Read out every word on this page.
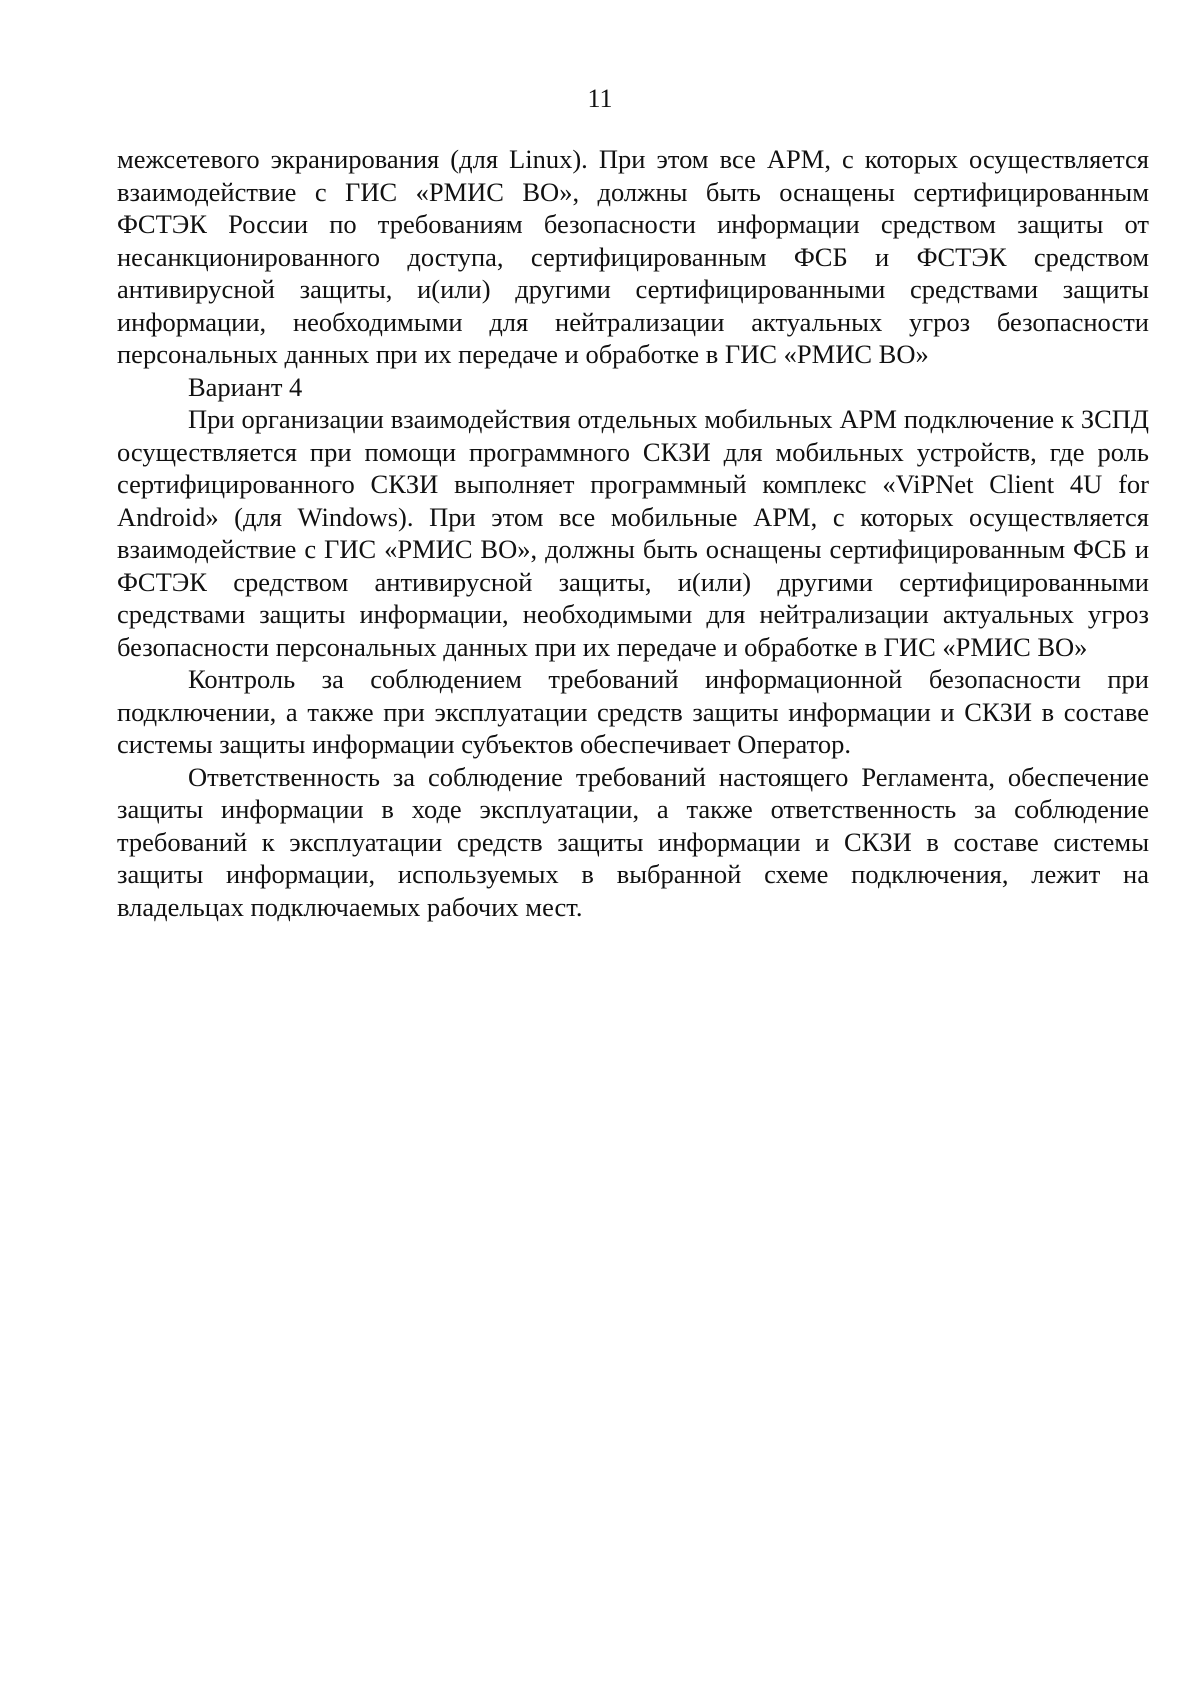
11

межсетевого экранирования (для Linux). При этом все АРМ, с которых осуществляется взаимодействие с ГИС «РМИС ВО», должны быть оснащены сертифицированным ФСТЭК России по требованиям безопасности информации средством защиты от несанкционированного доступа, сертифицированным ФСБ и ФСТЭК средством антивирусной защиты, и(или) другими сертифицированными средствами защиты информации, необходимыми для нейтрализации актуальных угроз безопасности персональных данных при их передаче и обработке в ГИС «РМИС ВО»

Вариант 4

При организации взаимодействия отдельных мобильных АРМ подключение к ЗСПД осуществляется при помощи программного СКЗИ для мобильных устройств, где роль сертифицированного СКЗИ выполняет программный комплекс «ViPNet Client 4U for Android» (для Windows). При этом все мобильные АРМ, с которых осуществляется взаимодействие с ГИС «РМИС ВО», должны быть оснащены сертифицированным ФСБ и ФСТЭК средством антивирусной защиты, и(или) другими сертифицированными средствами защиты информации, необходимыми для нейтрализации актуальных угроз безопасности персональных данных при их передаче и обработке в ГИС «РМИС ВО»

Контроль за соблюдением требований информационной безопасности при подключении, а также при эксплуатации средств защиты информации и СКЗИ в составе системы защиты информации субъектов обеспечивает Оператор.

Ответственность за соблюдение требований настоящего Регламента, обеспечение защиты информации в ходе эксплуатации, а также ответственность за соблюдение требований к эксплуатации средств защиты информации и СКЗИ в составе системы защиты информации, используемых в выбранной схеме подключения, лежит на владельцах подключаемых рабочих мест.
